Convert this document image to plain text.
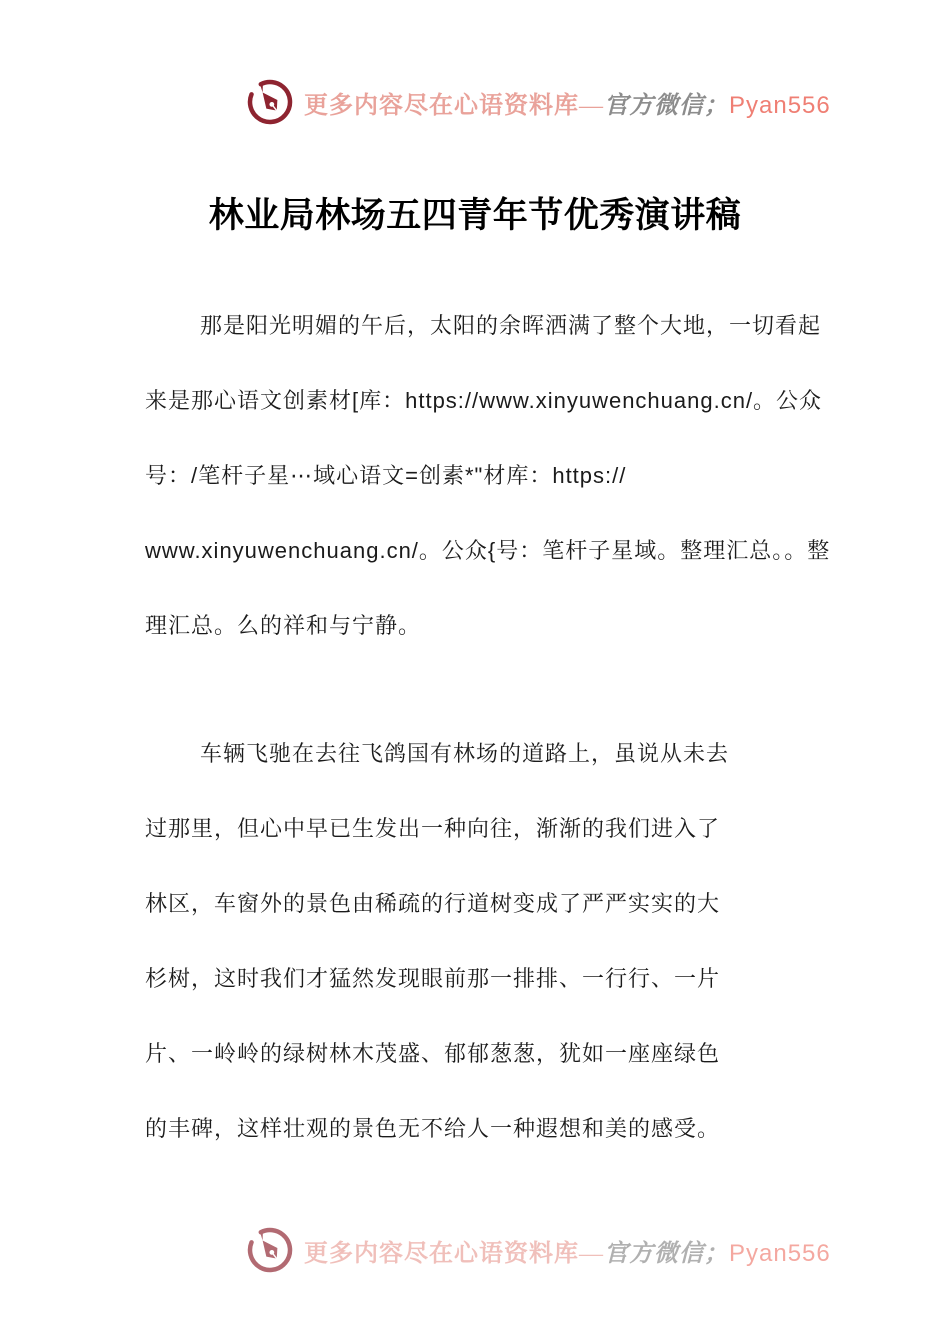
更多内容尽在心语资料库—官方微信；Pyan556
林业局林场五四青年节优秀演讲稿
那是阳光明媚的午后，太阳的余晖洒满了整个大地，一切看起
来是那心语文创素材[库：https://www.xinyuwenchuang.cn/。公众
号：/笔杆子星⋯域心语文=创素*"材库：https://
www.xinyuwenchuang.cn/。公众{号：笔杆子星域。整理汇总。。整
理汇总。么的祥和与宁静。
车辆飞驰在去往飞鸽国有林场的道路上，虽说从未去
过那里，但心中早已生发出一种向往，渐渐的我们进入了
林区，车窗外的景色由稀疏的行道树变成了严严实实的大
杉树，这时我们才猛然发现眼前那一排排、一行行、一片
片、一岭岭的绿树林木茂盛、郁郁葱葱，犹如一座座绿色
的丰碑，这样壮观的景色无不给人一种遐想和美的感受。
更多内容尽在心语资料库—官方微信；Pyan556
